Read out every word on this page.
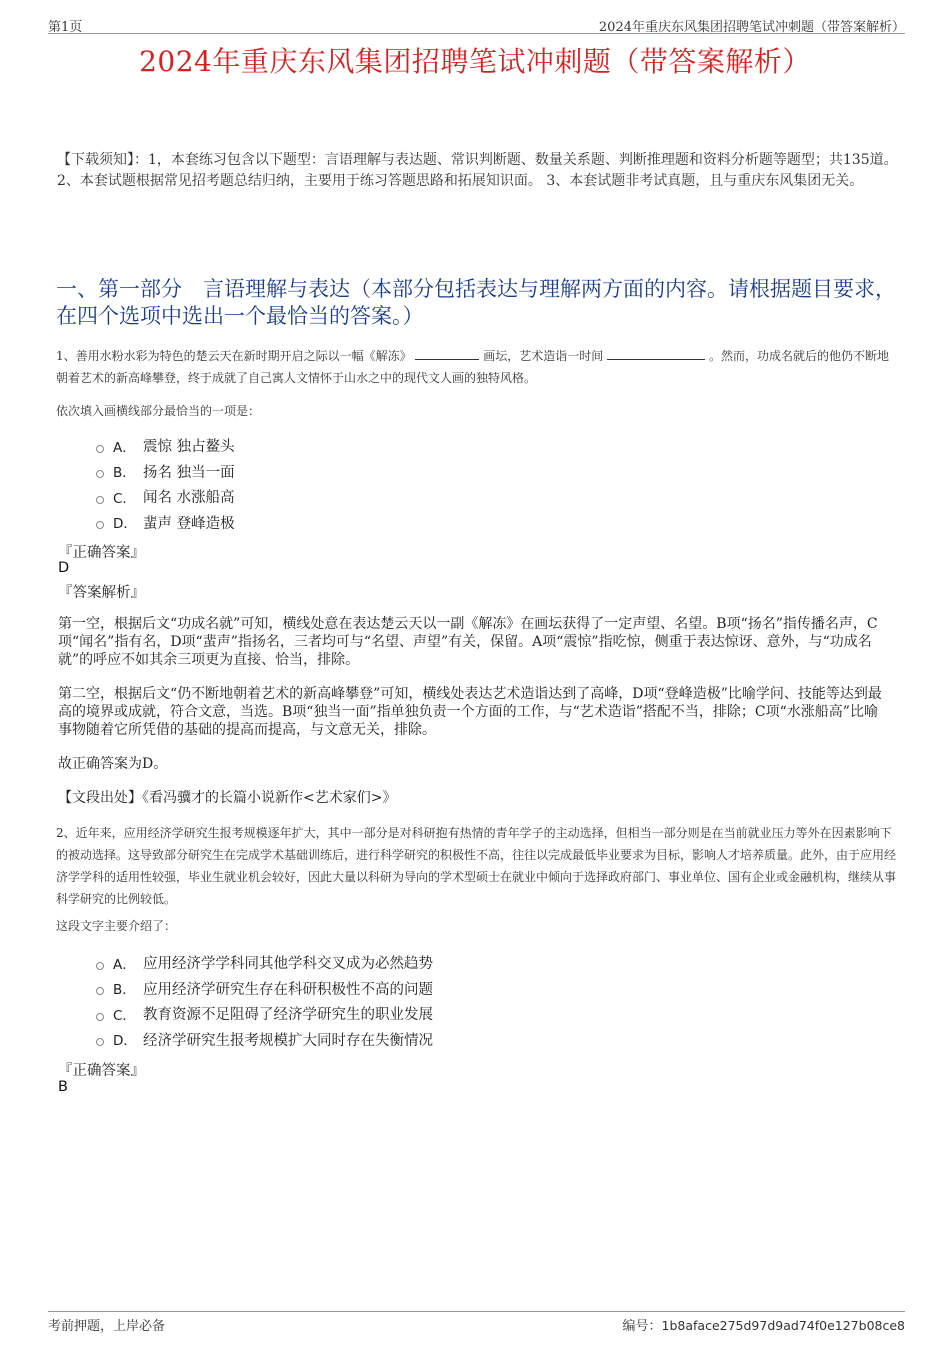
第1页	2024年重庆东风集团招聘笔试冲刺题（带答案解析）
2024年重庆东风集团招聘笔试冲刺题（带答案解析）
【下载须知】：1，本套练习包含以下题型：言语理解与表达题、常识判断题、数量关系题、判断推理题和资料分析题等题型；共135道。 2、本套试题根据常见招考题总结归纳，主要用于练习答题思路和拓展知识面。 3、本套试题非考试真题，且与重庆东风集团无关。
一、第一部分　言语理解与表达（本部分包括表达与理解两方面的内容。请根据题目要求，在四个选项中选出一个最恰当的答案。）
1、善用水粉水彩为特色的楚云天在新时期开启之际以一幅《解冻》	画坛，艺术造诣一时间	。然而，功成名就后的他仍不断地朝着艺术的新高峰攀登，终于成就了自己寓人文情怀于山水之中的现代文人画的独特风格。
依次填入画横线部分最恰当的一项是：
A． 震惊 独占鳌头
B． 扬名 独当一面
C． 闻名 水涨船高
D． 蜚声 登峰造极
『正确答案』
D
『答案解析』
第一空，根据后文“功成名就”可知，横线处意在表达楚云天以一副《解冻》在画坛获得了一定声望、名望。B项“扬名”指传播名声，C项“闻名”指有名，D项“蜚声”指扬名，三者均可与“名望、声望”有关，保留。A项“震惊”指吃惊，侧重于表达惊讶、意外，与“功成名就”的呼应不如其余三项更为直接、恰当，排除。
第二空，根据后文“仍不断地朝着艺术的新高峰攀登”可知，横线处表达艺术造诣达到了高峰，D项“登峰造极”比喻学问、技能等达到最高的境界或成就，符合文意，当选。B项“独当一面”指单独负责一个方面的工作，与“艺术造诣”搭配不当，排除；C项“水涨船高”比喻事物随着它所凭借的基础的提高而提高，与文意无关，排除。
故正确答案为D。
【文段出处】《看冯骥才的长篇小说新作<艺术家们>》
2、近年来，应用经济学研究生报考规模逐年扩大，其中一部分是对科研抱有热情的青年学子的主动选择，但相当一部分则是在当前就业压力等外在因素影响下的被动选择。这导致部分研究生在完成学术基础训练后，进行科学研究的积极性不高，往往以完成最低毕业要求为目标，影响人才培养质量。此外，由于应用经济学学科的适用性较强，毕业生就业机会较好，因此大量以科研为导向的学术型硕士在就业中倾向于选择政府部门、事业单位、国有企业或金融机构，继续从事科学研究的比例较低。
这段文字主要介绍了：
A． 应用经济学学科同其他学科交叉成为必然趋势
B． 应用经济学研究生存在科研积极性不高的问题
C． 教育资源不足阻碍了经济学研究生的职业发展
D． 经济学研究生报考规模扩大同时存在失衡情况
『正确答案』
B
考前押题，上岸必备	编号：1b8aface275d97d9ad74f0e127b08ce8
